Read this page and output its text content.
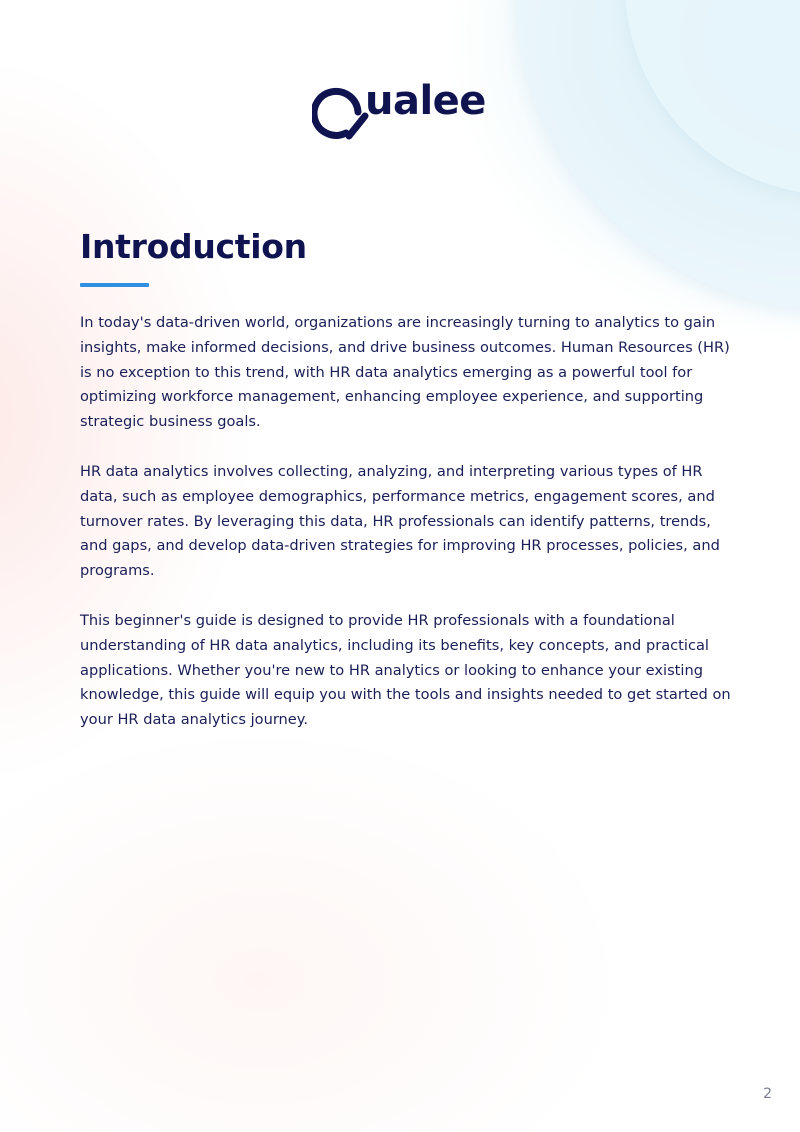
ualee
Introduction

In today's data-driven world, organizations are increasingly turning to analytics to gain insights, make informed decisions, and drive business outcomes. Human Resources (HR) is no exception to this trend, with HR data analytics emerging as a powerful tool for optimizing workforce management, enhancing employee experience, and supporting strategic business goals.

HR data analytics involves collecting, analyzing, and interpreting various types of HR data, such as employee demographics, performance metrics, engagement scores, and turnover rates. By leveraging this data, HR professionals can identify patterns, trends, and gaps, and develop data-driven strategies for improving HR processes, policies, and programs.

This beginner's guide is designed to provide HR professionals with a foundational understanding of HR data analytics, including its benefits, key concepts, and practical applications. Whether you're new to HR analytics or looking to enhance your existing knowledge, this guide will equip you with the tools and insights needed to get started on your HR data analytics journey.

2
